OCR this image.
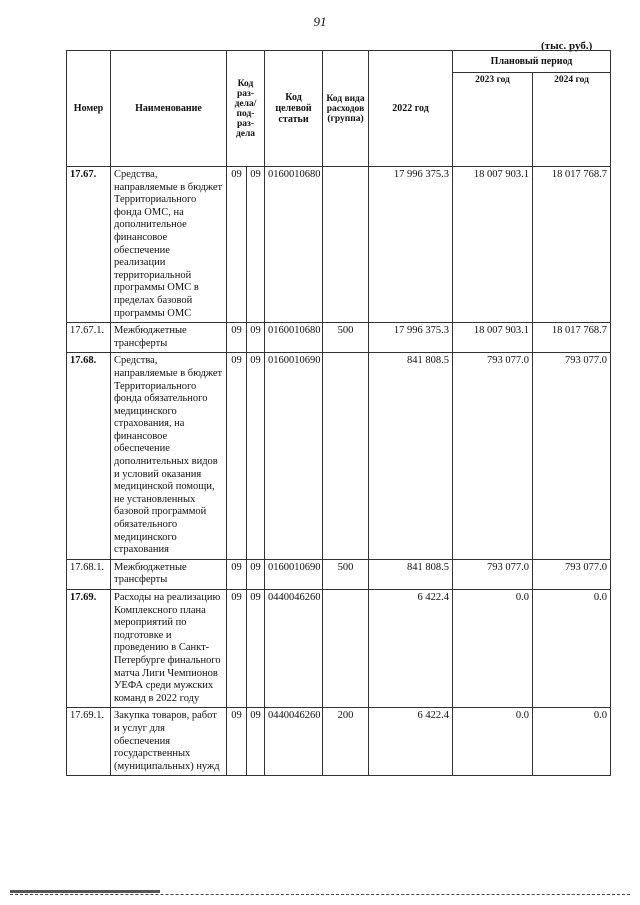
91
(тыс. руб.)
Номер	Наименование	Код раз-дела/ под-раз-дела		Код целевой статьи	Код вида расходов (группа)	2022 год	Плановый период	
							2023 год	2024 год
17.67.	Средства, направляемые в бюджет Территориального фонда ОМС, на дополнительное финансовое обеспечение реализации территориальной программы ОМС в пределах базовой программы ОМС	09	09	0160010680		17 996 375.3	18 007 903.1	18 017 768.7
17.67.1.	Межбюджетные трансферты	09	09	0160010680	500	17 996 375.3	18 007 903.1	18 017 768.7
17.68.	Средства, направляемые в бюджет Территориального фонда обязательного медицинского страхования, на финансовое обеспечение дополнительных видов и условий оказания медицинской помощи, не установленных базовой программой обязательного медицинского страхования	09	09	0160010690		841 808.5	793 077.0	793 077.0
17.68.1.	Межбюджетные трансферты	09	09	0160010690	500	841 808.5	793 077.0	793 077.0
17.69.	Расходы на реализацию Комплексного плана мероприятий по подготовке и проведению в Санкт-Петербурге финального матча Лиги Чемпионов УЕФА среди мужских команд в 2022 году	09	09	0440046260		6 422.4	0.0	0.0
17.69.1.	Закупка товаров, работ и услуг для обеспечения государственных (муниципальных) нужд	09	09	0440046260	200	6 422.4	0.0	0.0
